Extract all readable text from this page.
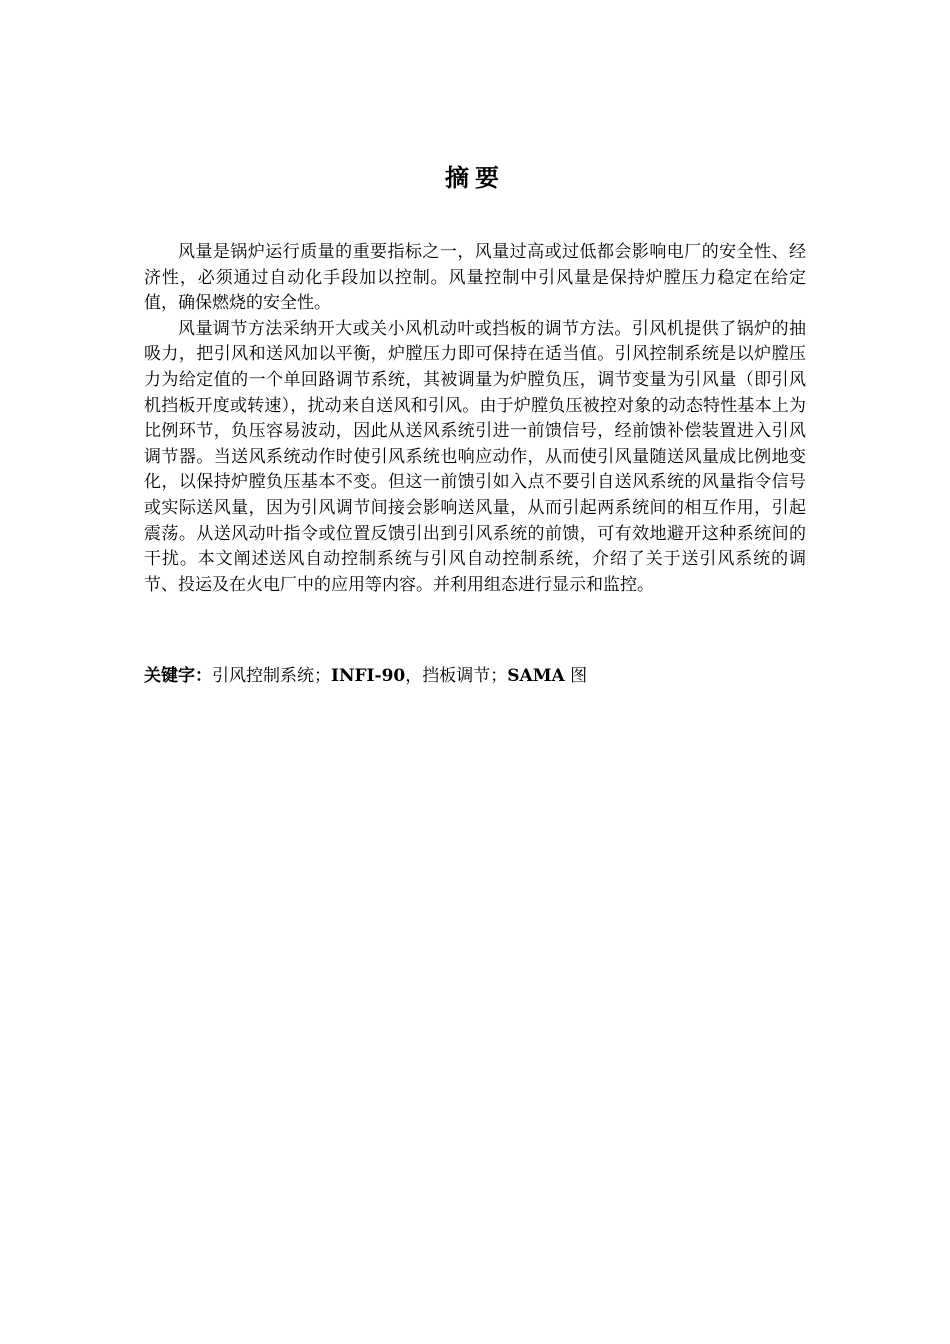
摘要

风量是锅炉运行质量的重要指标之一，风量过高或过低都会影响电厂的安全性、经济性，必须通过自动化手段加以控制。风量控制中引风量是保持炉膛压力稳定在给定值，确保燃烧的安全性。

风量调节方法采纳开大或关小风机动叶或挡板的调节方法。引风机提供了锅炉的抽吸力，把引风和送风加以平衡，炉膛压力即可保持在适当值。引风控制系统是以炉膛压力为给定值的一个单回路调节系统，其被调量为炉膛负压，调节变量为引风量（即引风机挡板开度或转速），扰动来自送风和引风。由于炉膛负压被控对象的动态特性基本上为比例环节，负压容易波动，因此从送风系统引进一前馈信号，经前馈补偿装置进入引风调节器。当送风系统动作时使引风系统也响应动作，从而使引风量随送风量成比例地变化，以保持炉膛负压基本不变。但这一前馈引如入点不要引自送风系统的风量指令信号或实际送风量，因为引风调节间接会影响送风量，从而引起两系统间的相互作用，引起震荡。从送风动叶指令或位置反馈引出到引风系统的前馈，可有效地避开这种系统间的干扰。本文阐述送风自动控制系统与引风自动控制系统，介绍了关于送引风系统的调节、投运及在火电厂中的应用等内容。并利用组态进行显示和监控。

关键字：引风控制系统；INFI-90，挡板调节；SAMA 图
